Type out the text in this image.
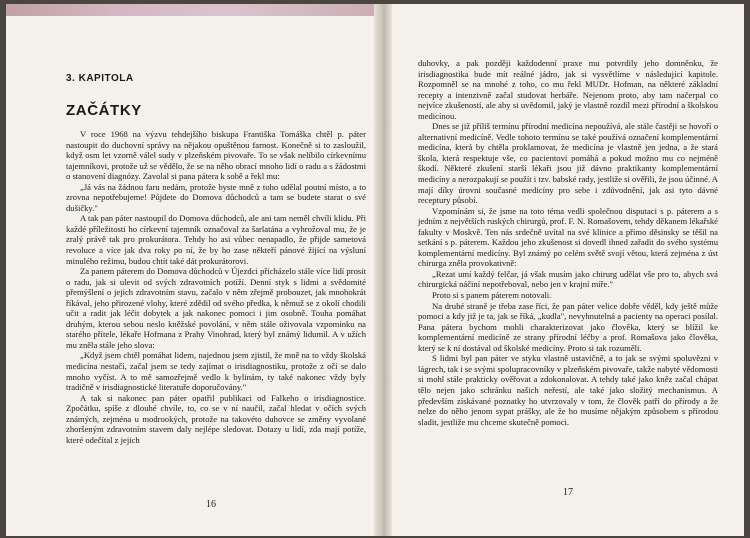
3. KAPITOLA
ZAČÁTKY

V roce 1968 na výzvu tehdejšího biskupa Františka Tomáška chtěl p. páter nastoupit do duchovní správy na nějakou opuštěnou farnost. Konečně si to zasloužil, když osm let vzorně válel sudy v plzeňském pivovaře. To se však nelíbilo církevnímu tajemníkovi, protože už se vědělo, že se na něho obrací mnoho lidí o radu a s žádostmi o stanovení diagnózy. Zavolal si pana pátera k sobě a řekl mu:

„Já vás na žádnou faru nedám, protože byste mně z toho udělal poutní místo, a to zrovna nepotřebujeme! Půjdete do Domova důchodců a tam se budete starat o své dušičky."

A tak pan páter nastoupil do Domova důchodců, ale ani tam neměl chvíli klidu. Při každé příležitosti ho církevní tajemník označoval za šarlatána a vyhrožoval mu, že je zralý právě tak pro prokurátora. Tehdy ho asi vůbec nenapadlo, že přijde sametová revoluce a více jak dva roky po ní, že by ho zase někteří pánové žijící na výsluní minulého režimu, budou chtít také dát prokurátorovi.

Za panem páterem do Domova důchodců v Újezdci přicházelo stále více lidí prosit o radu, jak si ulevit od svých zdravotních potíží. Denní styk s lidmi a svědomité přemýšlení o jejich zdravotním stavu, začalo v něm zřejmě probouzet, jak mnohokrát říkával, jeho přirozené vlohy, které zdědil od svého předka, k němuž se z okolí chodili učit a radit jak léčit dobytek a jak nakonec pomoci i jim osobně. Touha pomáhat druhým, kterou sebou neslo kněžské povolání, v něm stále oživovala vzpomínku na starého přítele, lékaře Hofmana z Prahy Vinohrad, který byl známý lidumil. A v užích mu zněla stále jeho slova:

„Když jsem chtěl pomáhat lidem, najednou jsem zjistil, že mně na to vždy školská medicína nestačí, začal jsem se tedy zajímat o irisdiagnostiku, protože z očí se dalo mnoho vyčíst. A to mě samozřejmě vedlo k bylinám, ty také nakonec vždy byly tradičně v irisdiagnostické literatuře doporučovány."

A tak si nakonec pan páter opatřil publikaci od Falkeho o irisdiagnostice. Zpočátku, spíše z dlouhé chvíle, to, co se v ní naučil, začal hledat v očích svých známých, zejména u modrookých, protože na takovéto duhovce se změny vyvolané zhoršeným zdravotním stavem daly nejlépe sledovat. Dotazy u lidí, zda mají potíže, které odečítal z jejich

16

duhovky, a pak později každodenní praxe mu potvrdily jeho domněnku, že irisdiagnostika bude mít reálné jádro, jak si vysvětlíme v následující kapitole. Rozpomněl se na mnohé z toho, co mu řekl MUDr. Hofman, na některé základní recepty a intenzivně začal studovat herbáře. Nejenom proto, aby tam načerpal co nejvíce zkušeností, ale aby si uvědomil, jaký je vlastně rozdíl mezi přírodní a školskou medicínou.

Dnes se již příliš termínu přírodní medicína nepoužívá, ale stále častěji se hovoří o alternativní medicíně. Vedle tohoto termínu se také používá označení komplementární medicína, která by chtěla proklamovat, že medicína je vlastně jen jedna, a že stará škola, která respektuje vše, co pacientovi pomáhá a pokud možno mu co nejméně škodí. Některé zkušení starší lékaři jsou již dávno praktikanty komplementární medicíny a nerozpakují se použít i tzv. babské rady, jestliže si ověřili, že jsou účinné. A mají díky úrovni současné medicíny pro sebe i zdůvodnění, jak asi tyto dávné receptury působí.

Vzpomínám si, že jsme na toto téma vedli společnou disputaci s p. páterem a s jedním z největších ruských chirurgů, prof. F. N. Romašovem, tehdy děkanem lékařské fakulty v Moskvě. Ten nás srdečně uvítal na své klinice a přímo děsinsky se těšil na setkání s p. páterem. Každou jeho zkušenost si dovedl ihned zařadit do svého systému komplementární medicíny. Byl známý po celém světě svojí větou, která zejména z úst chirurga zněla provokativně:

„Rezat umí každý felčar, já však musím jako chirurg udělat vše pro to, abych svá chirurgická náčiní nepotřeboval, nebo jen v krajní míře."

Proto si s panem páterem notovali.

Na druhé straně je třeba zase říci, že pan páter velice dobře věděl, kdy ještě může pomoci a kdy již je ta, jak se říká, „kudla", nevyhnutelná a pacienty na operaci posílal. Pana pátera bychom mohli charakterizovat jako člověka, který se blížil ke komplementární medicíně ze strany přírodní léčby a prof. Romašova jako člověka, který se k ní dostával od školské medicíny. Proto si tak rozuměli.

S lidmi byl pan páter ve styku vlastně ustavičně, a to jak se svými spoluvězni v lágrech, tak i se svými spolupracovníky v plzeňském pivovaře, takže nabyté vědomosti si mohl stále prakticky ověřovat a zdokonalovat. A tehdy také jako kněz začal chápat tělo nejen jako schránku našich neřestí, ale také jako složitý mechanismus. A především získávané poznatky ho utvrzovaly v tom, že člověk patří do přírody a že nelze do něho jenom sypat prášky, ale že ho musíme nějakým způsobem s přírodou sladit, jestliže mu chceme skutečně pomoci.

17
